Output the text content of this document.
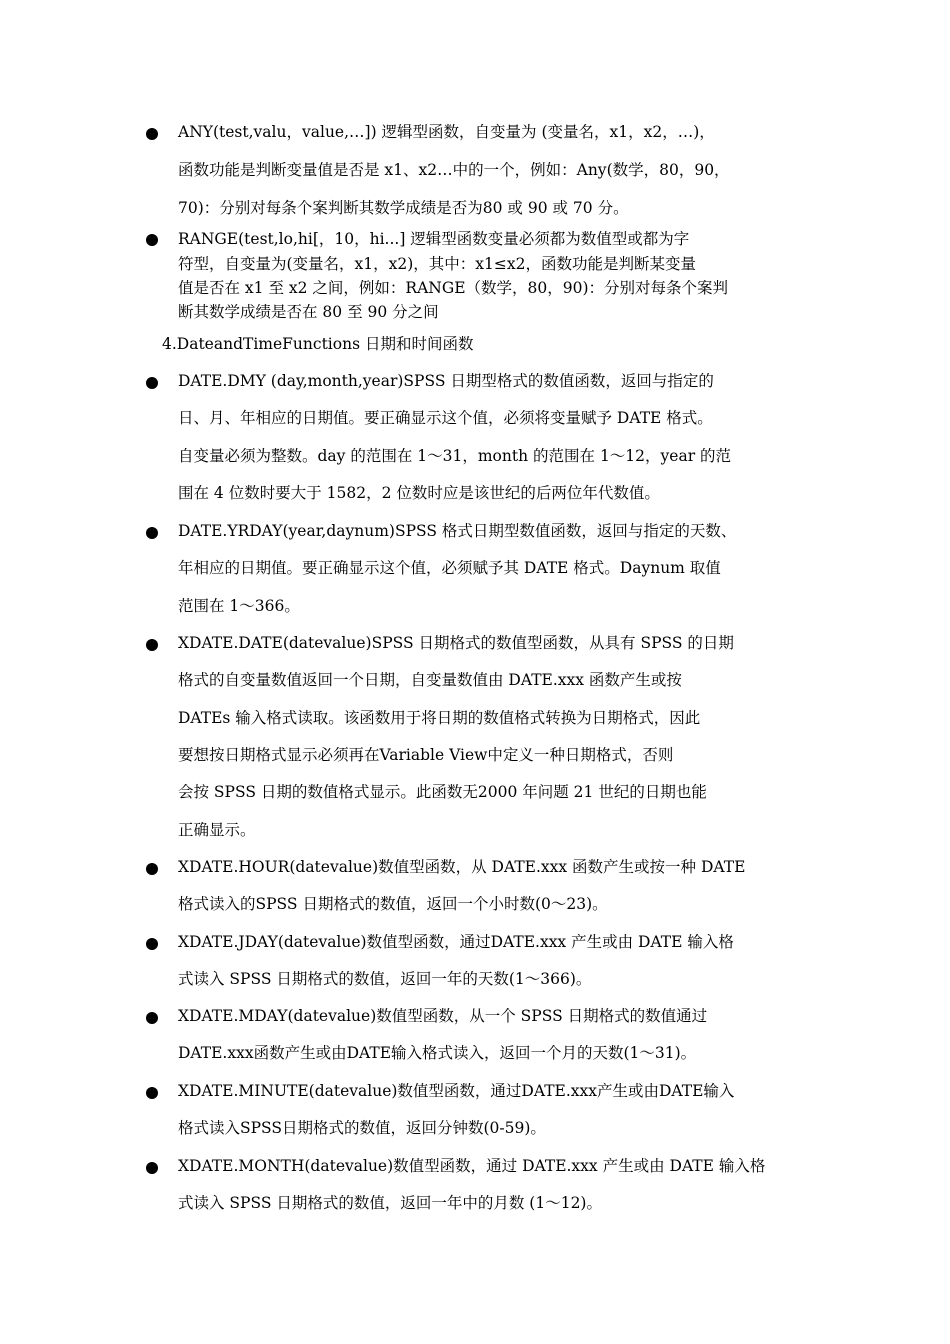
ANY(test,valu，value,…]) 逻辑型函数，自变量为 (变量名，x1，x2，…)，
函数功能是判断变量值是否是 x1、x2…中的一个，例如：Any(数学，80，90，
70)：分别对每条个案判断其数学成绩是否为80 或 90 或 70 分。
RANGE(test,lo,hi[，10，hi...] 逻辑型函数变量必须都为数值型或都为字
符型，自变量为(变量名，x1，x2)，其中：x1≤x2，函数功能是判断某变量
值是否在 x1 至 x2 之间，例如：RANGE（数学，80，90)：分别对每条个案判
断其数学成绩是否在 80 至 90 分之间
4.DateandTimeFunctions 日期和时间函数
DATE.DMY (day,month,year)SPSS 日期型格式的数值函数，返回与指定的
日、月、年相应的日期值。要正确显示这个值，必须将变量赋予 DATE 格式。
自变量必须为整数。day 的范围在 1～31，month 的范围在 1～12，year 的范
围在 4 位数时要大于 1582，2 位数时应是该世纪的后两位年代数值。
DATE.YRDAY(year,daynum)SPSS 格式日期型数值函数，返回与指定的天数、
年相应的日期值。要正确显示这个值，必须赋予其 DATE 格式。Daynum 取值
范围在 1～366。
XDATE.DATE(datevalue)SPSS 日期格式的数值型函数，从具有 SPSS 的日期
格式的自变量数值返回一个日期，自变量数值由 DATE.xxx 函数产生或按
DATEs 输入格式读取。该函数用于将日期的数值格式转换为日期格式，因此
要想按日期格式显示必须再在Variable View中定义一种日期格式，否则
会按 SPSS 日期的数值格式显示。此函数无2000 年问题 21 世纪的日期也能
正确显示。
XDATE.HOUR(datevalue)数值型函数，从 DATE.xxx 函数产生或按一种 DATE
格式读入的SPSS 日期格式的数值，返回一个小时数(0～23)。
XDATE.JDAY(datevalue)数值型函数，通过DATE.xxx 产生或由 DATE 输入格
式读入 SPSS 日期格式的数值，返回一年的天数(1～366)。
XDATE.MDAY(datevalue)数值型函数，从一个 SPSS 日期格式的数值通过
DATE.xxx函数产生或由DATE输入格式读入，返回一个月的天数(1～31)。
XDATE.MINUTE(datevalue)数值型函数，通过DATE.xxx产生或由DATE输入
格式读入SPSS日期格式的数值，返回分钟数(0-59)。
XDATE.MONTH(datevalue)数值型函数，通过 DATE.xxx 产生或由 DATE 输入格
式读入 SPSS 日期格式的数值，返回一年中的月数 (1～12)。
